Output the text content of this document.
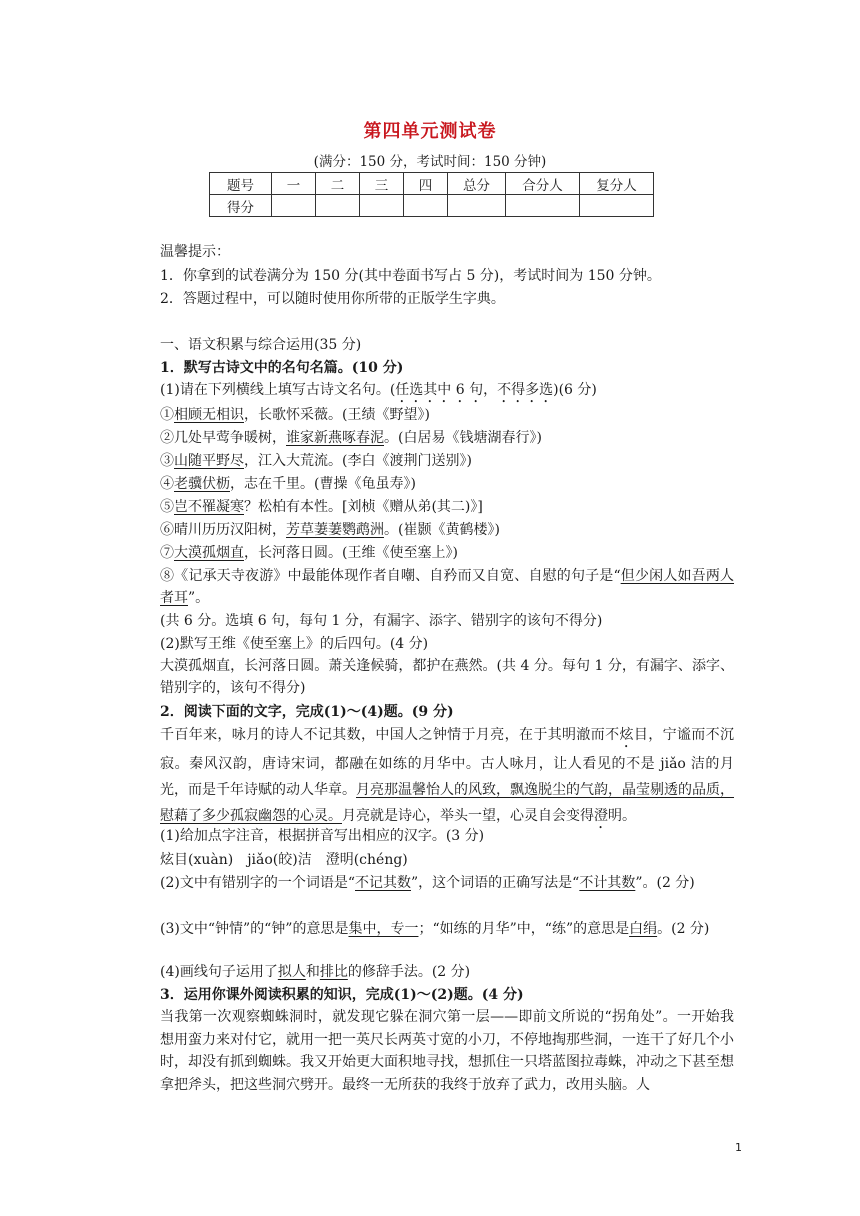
第四单元测试卷
(满分：150 分，考试时间：150 分钟)
题号	一	二	三	四	总分	合分人	复分人
得分							
温馨提示：
1．你拿到的试卷满分为 150 分(其中卷面书写占 5 分)，考试时间为 150 分钟。
2．答题过程中，可以随时使用你所带的正版学生字典。
一、语文积累与综合运用(35 分)
1．默写古诗文中的名句名篇。(10 分)
(1)请在下列横线上填写古诗文名句。(任选其中 6 句，不得多选)(6 分)
①相顾无相识，长歌怀采薇。(王绩《野望》)
②几处早莺争暖树，谁家新燕啄春泥。(白居易《钱塘湖春行》)
③山随平野尽，江入大荒流。(李白《渡荆门送别》)
④老骥伏枥，志在千里。(曹操《龟虽寿》)
⑤岂不罹凝寒？松柏有本性。[刘桢《赠从弟(其二)》]
⑥晴川历历汉阳树，芳草萋萋鹦鹉洲。(崔颢《黄鹤楼》)
⑦大漠孤烟直，长河落日圆。(王维《使至塞上》)
⑧《记承天寺夜游》中最能体现作者自嘲、自矜而又自宽、自慰的句子是“但少闲人如吾两人者耳”。
(共 6 分。选填 6 句，每句 1 分，有漏字、添字、错别字的该句不得分)
(2)默写王维《使至塞上》的后四句。(4 分)
大漠孤烟直，长河落日圆。萧关逢候骑，都护在燕然。(共 4 分。每句 1 分，有漏字、添字、错别字的，该句不得分)
2．阅读下面的文字，完成(1)～(4)题。(9 分)
千百年来，咏月的诗人不记其数，中国人之钟情于月亮，在于其明澈而不炫目，宁谧而不沉寂。秦风汉韵，唐诗宋词，都融在如练的月华中。古人咏月，让人看见的不是 jiǎo 洁的月光，而是千年诗赋的动人华章。月亮那温馨怡人的风致，飘逸脱尘的气韵，晶莹剔透的品质，慰藉了多少孤寂幽怨的心灵。月亮就是诗心，举头一望，心灵自会变得澄明。
(1)给加点字注音，根据拼音写出相应的汉字。(3 分)
炫目(xuàn)　jiǎo(皎)洁　澄明(chéng)
(2)文中有错别字的一个词语是“不记其数”，这个词语的正确写法是“不计其数”。(2 分)
(3)文中“钟情”的“钟”的意思是集中，专一；“如练的月华”中，“练”的意思是白绢。(2 分)
(4)画线句子运用了拟人和排比的修辞手法。(2 分)
3．运用你课外阅读积累的知识，完成(1)～(2)题。(4 分)
当我第一次观察蜘蛛洞时，就发现它躲在洞穴第一层——即前文所说的“拐角处”。一开始我想用蛮力来对付它，就用一把一英尺长两英寸宽的小刀，不停地掏那些洞，一连干了好几个小时，却没有抓到蜘蛛。我又开始更大面积地寻找，想抓住一只塔蓝图拉毒蛛，冲动之下甚至想拿把斧头，把这些洞穴劈开。最终一无所获的我终于放弃了武力，改用头脑。人
1
